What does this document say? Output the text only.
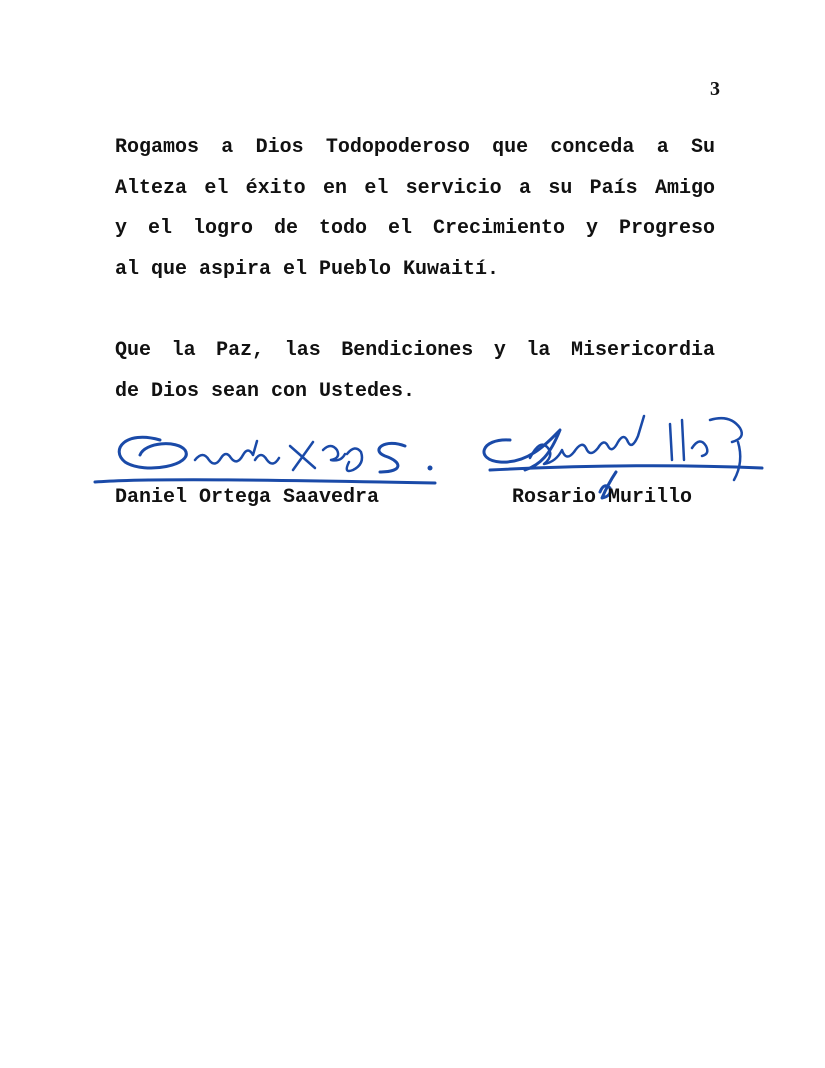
3

Rogamos a Dios Todopoderoso que conceda a Su
Alteza el éxito en el servicio a su País Amigo
y el logro de todo el Crecimiento y Progreso
al que aspira el Pueblo Kuwaití.

Que la Paz, las Bendiciones y la Misericordia
de Dios sean con Ustedes.

Daniel Ortega Saavedra	Rosario Murillo
